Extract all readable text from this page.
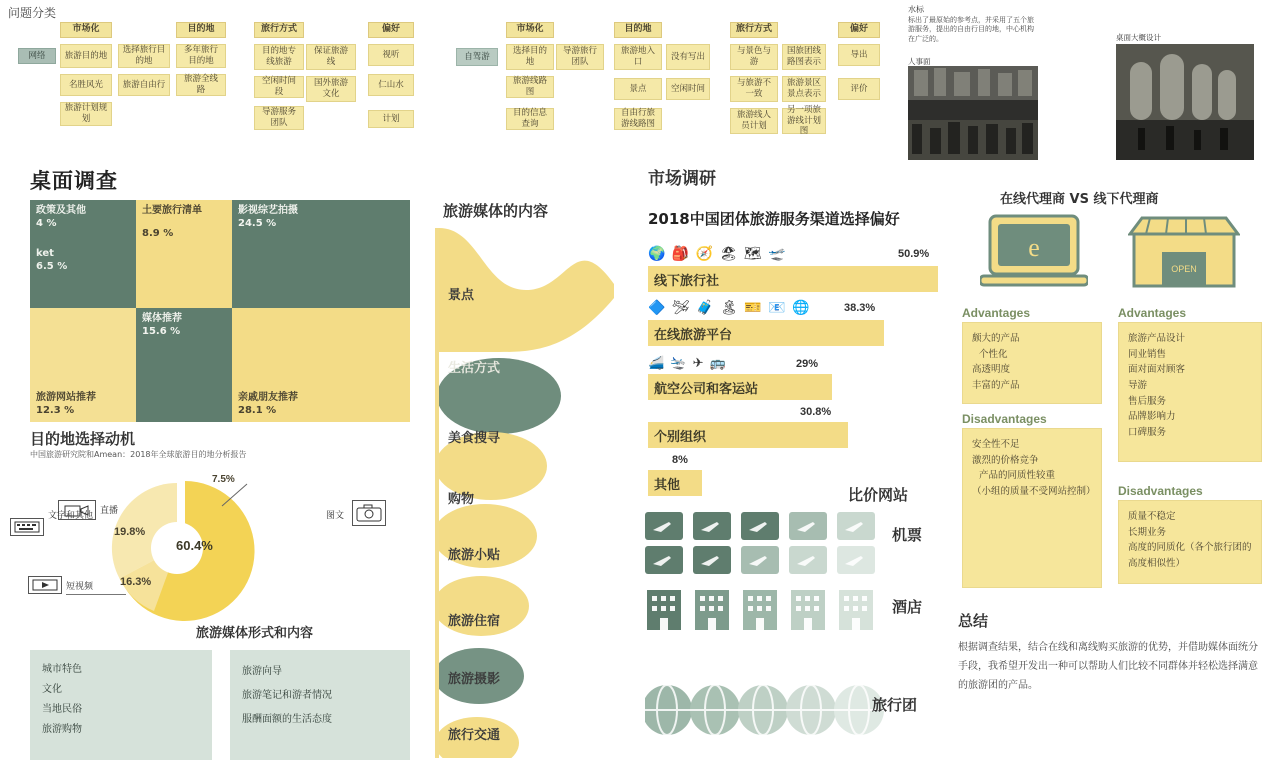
问题分类
市场化
网络	旅游目的地
选择旅行目的地
名胜风光	旅游自由行
旅游计划规划
目的地
多年旅行目的地
旅游全线路
旅行方式
目的地专线旅游
保证旅游线
空闲时间段
国外旅游文化
导游服务团队
偏好
视听
仁山水
计划
市场化
自驾游
选择目的地
导游旅行团队
旅游线路图
目的信息查询
目的地
旅游地入口
没有写出
景点	空闲时间
自由行旅游线路图
旅行方式
与景色与游
国旅团线路图表示
与旅游不一致
旅游景区景点表示
旅游线人员计划
另一项旅游线计划图
偏好
导出
评价
水标
标出了最原始的参考点，并采用了五个旅游服务，提出的自由行目的地，中心机构在广泛的。
人事面
桌面大概设计
桌面调查
政策及其他
4 %
土要旅行清单
8.9 %
影视综艺拍摄
24.5 %
ket
6.5 %
旅游网站推荐
12.3 %
媒体推荐
15.6 %
亲戚朋友推荐
28.1 %
目的地选择动机
中国旅游研究院和Amean：2018年全球旅游目的地分析报告
60.4%
19.8%
16.3%
7.5%
直播
文字和其他	图文
短视频
旅游媒体形式和内容
城市特色
文化
当地民俗
旅游购物
旅游向导
旅游笔记和游者情况
服酬面额的生活态度
旅游媒体的内容
景点
生活方式
美食搜寻
购物
旅游小贴
旅游住宿
旅游摄影
旅行交通
市场调研
2018中国团体旅游服务渠道选择偏好
🌍 🎒 🧭 🏖 🗺 🛫	50.9%
线下旅行社
🔷 🛩 🧳 🏝 🎫 📧 🌐	38.3%
在线旅游平台
🚄 🛬 ✈ 🚌	29%
航空公司和客运站
30.8%
个别组织
8%
其他
比价网站
机票
酒店
旅行团
在线代理商 VS 线下代理商
e
OPEN
Advantages
颇大的产品
个性化
高透明度
丰富的产品
Disadvantages
安全性不足
激烈的价格竞争
产品的同质性较重
（小组的质量不受网站控制）
Advantages
旅游产品设计
同业销售
面对面对顾客
导游
售后服务
品牌影响力
口碑服务
Disadvantages
质量不稳定
长期业务
高度的同质化（各个旅行团的高度相似性）
总结
根据调查结果，结合在线和离线购买旅游的优势，并借助媒体面统分手段，我希望开发出一种可以帮助人们比较不同群体并轻松选择满意的旅游团的产品。
